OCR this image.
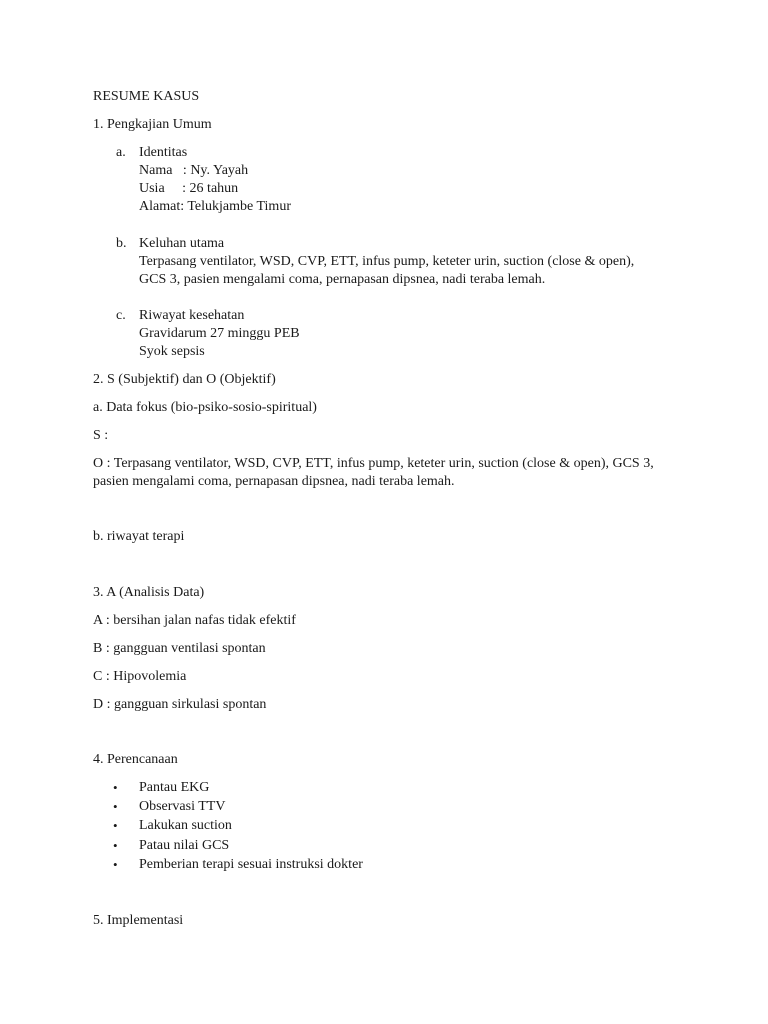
RESUME KASUS

1. Pengkajian Umum

a. Identitas

Nama   : Ny. Yayah

Usia     : 26 tahun

Alamat: Telukjambe Timur

b. Keluhan utama

Terpasang ventilator, WSD, CVP, ETT, infus pump, keteter urin, suction (close & open), GCS 3, pasien mengalami coma, pernapasan dipsnea, nadi teraba lemah.

c. Riwayat kesehatan

Gravidarum 27 minggu PEB

Syok sepsis

2. S (Subjektif) dan O (Objektif)

a. Data fokus (bio-psiko-sosio-spiritual)

S :

O : Terpasang ventilator, WSD, CVP, ETT, infus pump, keteter urin, suction (close & open), GCS 3, pasien mengalami coma, pernapasan dipsnea, nadi teraba lemah.

b. riwayat terapi

3. A (Analisis Data)

A : bersihan jalan nafas tidak efektif

B : gangguan ventilasi spontan

C : Hipovolemia

D : gangguan sirkulasi spontan

4. Perencanaan

• Pantau EKG

• Observasi TTV

• Lakukan suction

• Patau nilai GCS

• Pemberian terapi sesuai instruksi dokter

5. Implementasi
